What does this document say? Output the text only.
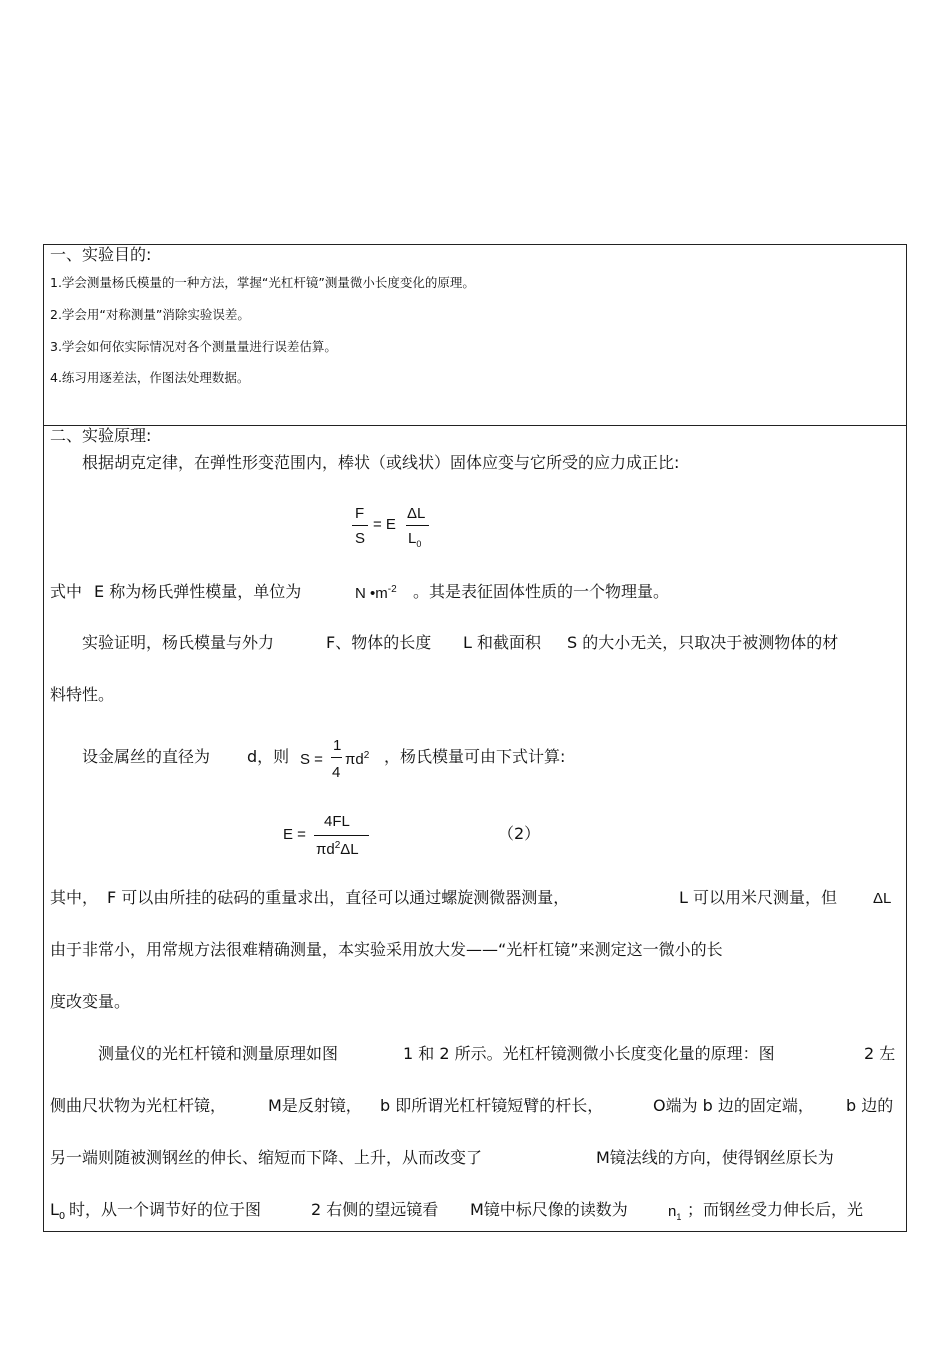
一、实验目的:
1.学会测量杨氏模量的一种方法，掌握“光杠杆镜”测量微小长度变化的原理。
2.学会用“对称测量”消除实验误差。
3.学会如何依实际情况对各个测量量进行误差估算。
4.练习用逐差法，作图法处理数据。
二、实验原理:
根据胡克定律，在弹性形变范围内，棒状（或线状）固体应变与它所受的应力成正比:
F
S
= E
ΔL
$L_0$
式中 E 称为杨氏弹性模量，单位为	N $•m^{-2}$ 。其是表征固体性质的一个物理量。
实验证明，杨氏模量与外力	F、物体的长度 L 和截面积 S 的大小无关，只取决于被测物体的材
料特性。
设金属丝的直径为 d，则 S =
1
4
$\pi d^2$ ，杨氏模量可由下式计算:
E =
4FL
$\pi d^2\Delta L$
（2）
其中， F 可以由所挂的砝码的重量求出，直径可以通过螺旋测微器测量，	L 可以用米尺测量，但 ΔL
由于非常小，用常规方法很难精确测量，本实验采用放大发——“光杆杠镜”来测定这一微小的长
度改变量。
测量仪的光杠杆镜和测量原理如图	1 和 2 所示。光杠杆镜测微小长度变化量的原理：图	2 左
侧曲尺状物为光杠杆镜，	M是反射镜， b 即所谓光杠杆镜短臂的杆长，	O端为 b 边的固定端， b 边的
另一端则随被测钢丝的伸长、缩短而下降、上升，从而改变了	M镜法线的方向，使得钢丝原长为
$L_0$ 时，从一个调节好的位于图	2 右侧的望远镜看 M镜中标尺像的读数为	$n_1$ ；而钢丝受力伸长后，光
